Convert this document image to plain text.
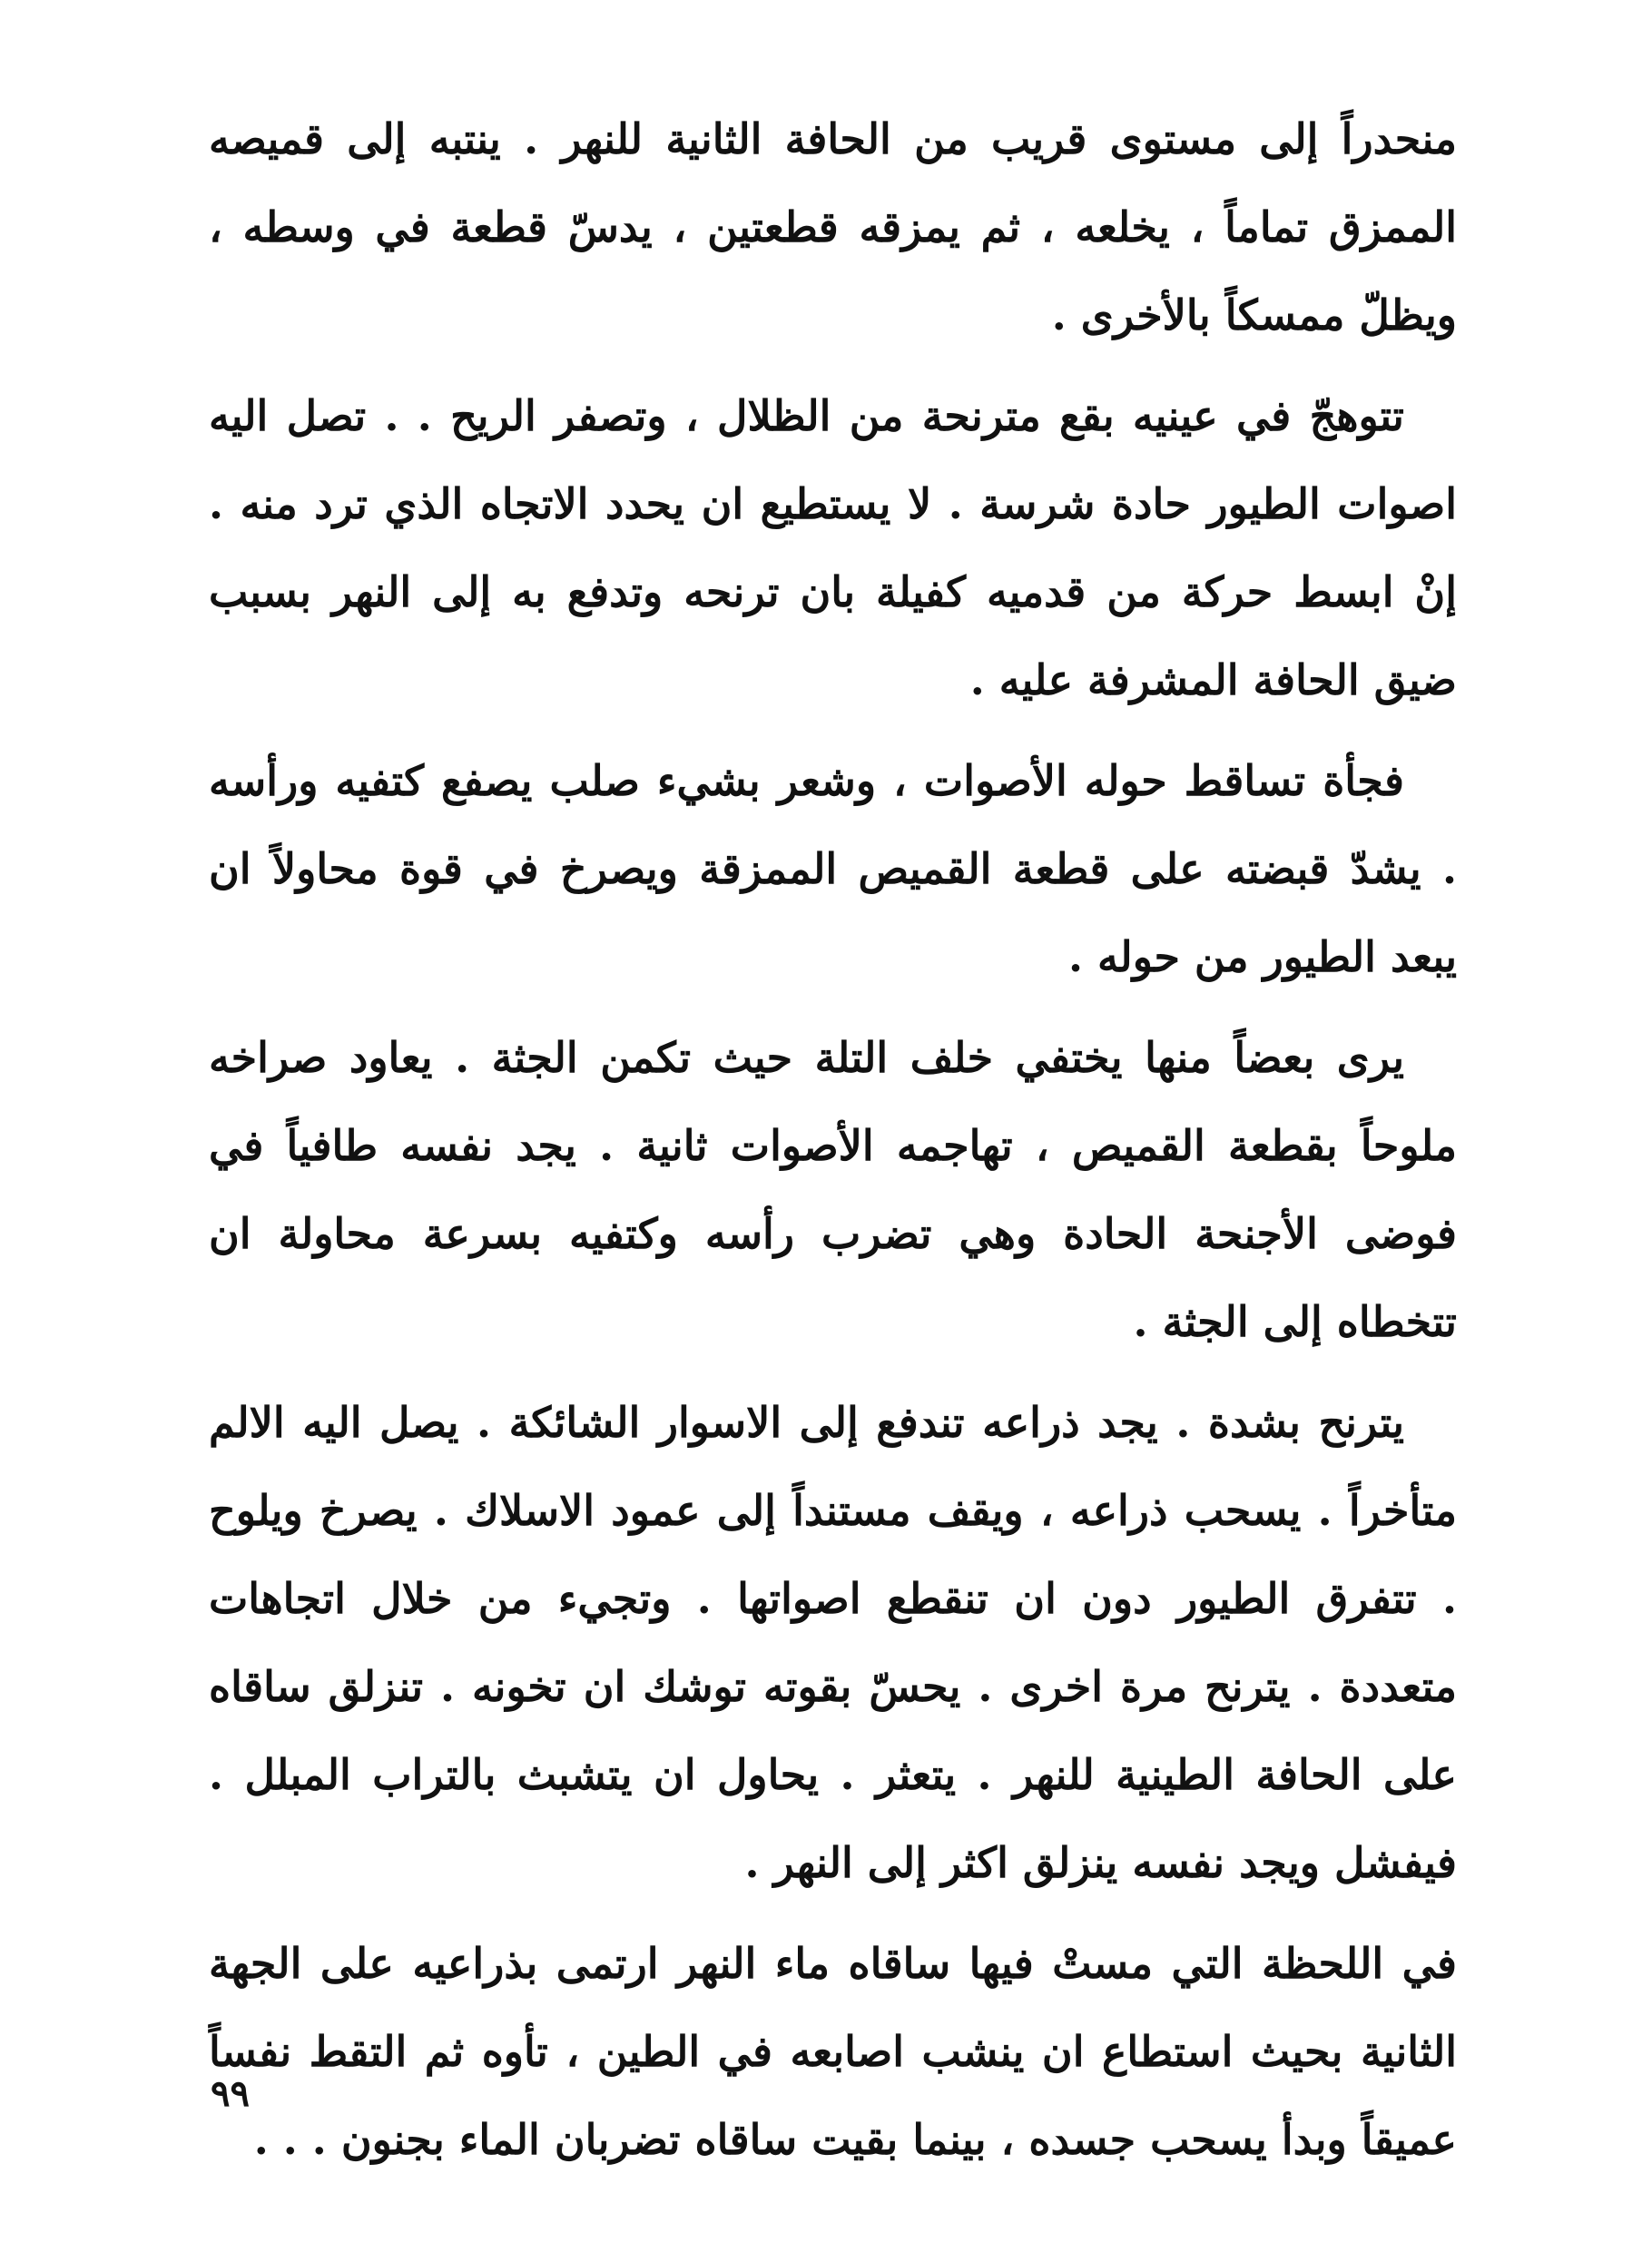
منحدراً إلى مستوى قريب من الحافة الثانية للنهر . ينتبه إلى قميصه الممزق تماماً ، يخلعه ، ثم يمزقه قطعتين ، يدسّ قطعة في وسطه ، ويظلّ ممسكاً بالأخرى .

تتوهجّ في عينيه بقع مترنحة من الظلال ، وتصفر الريح . . تصل اليه اصوات الطيور حادة شرسة . لا يستطيع ان يحدد الاتجاه الذي ترد منه . إنْ ابسط حركة من قدميه كفيلة بان ترنحه وتدفع به إلى النهر بسبب ضيق الحافة المشرفة عليه .

فجأة تساقط حوله الأصوات ، وشعر بشيء صلب يصفع كتفيه ورأسه . يشدّ قبضته على قطعة القميص الممزقة ويصرخ في قوة محاولاً ان يبعد الطيور من حوله .

يرى بعضاً منها يختفي خلف التلة حيث تكمن الجثة . يعاود صراخه ملوحاً بقطعة القميص ، تهاجمه الأصوات ثانية . يجد نفسه طافياً في فوضى الأجنحة الحادة وهي تضرب رأسه وكتفيه بسرعة محاولة ان تتخطاه إلى الجثة .

يترنح بشدة . يجد ذراعه تندفع إلى الاسوار الشائكة . يصل اليه الالم متأخراً . يسحب ذراعه ، ويقف مستنداً إلى عمود الاسلاك . يصرخ ويلوح . تتفرق الطيور دون ان تنقطع اصواتها . وتجيء من خلال اتجاهات متعددة . يترنح مرة اخرى . يحسّ بقوته توشك ان تخونه . تنزلق ساقاه على الحافة الطينية للنهر . يتعثر . يحاول ان يتشبث بالتراب المبلل . فيفشل ويجد نفسه ينزلق اكثر إلى النهر .

في اللحظة التي مستْ فيها ساقاه ماء النهر ارتمى بذراعيه على الجهة الثانية بحيث استطاع ان ينشب اصابعه في الطين ، تأوه ثم التقط نفساً عميقاً وبدأ يسحب جسده ، بينما بقيت ساقاه تضربان الماء بجنون . . .

٩٩
